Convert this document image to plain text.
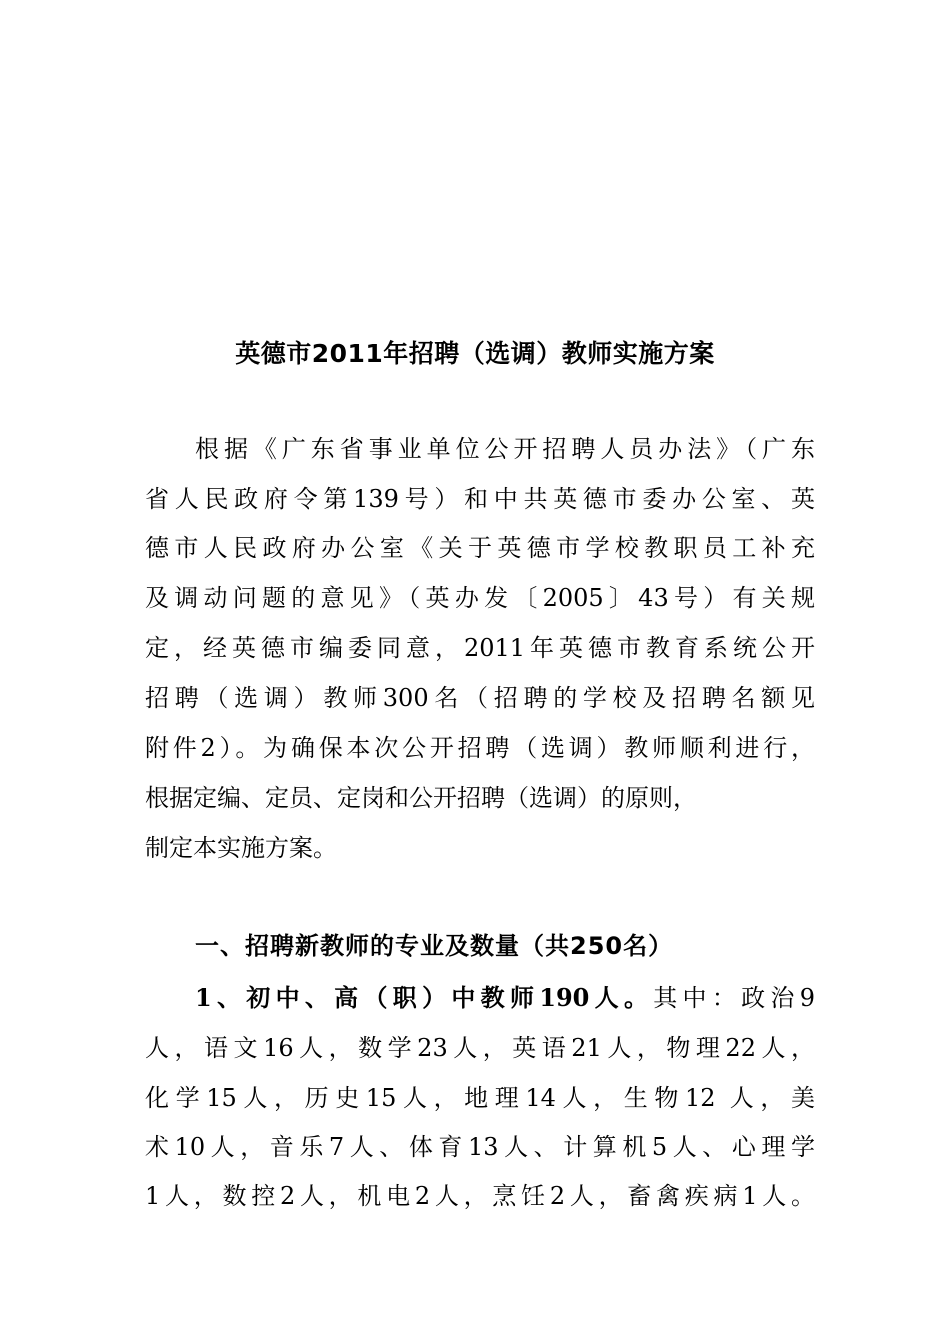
英德市2011年招聘（选调）教师实施方案
根据《广东省事业单位公开招聘人员办法》（广东
省人民政府令第139号）和中共英德市委办公室、英
德市人民政府办公室《关于英德市学校教职员工补充
及调动问题的意见》（英办发〔2005〕43号）有关规
定，经英德市编委同意，2011年英德市教育系统公开
招聘（选调）教师300名（招聘的学校及招聘名额见
附件2）。为确保本次公开招聘（选调）教师顺利进行，
根据定编、定员、定岗和公开招聘（选调）的原则，
制定本实施方案。
一、招聘新教师的专业及数量（共250名）
1、初中、高（职）中教师190人。其中：政治9
人，语文16人，数学23人，英语21人，物理22人，
化学15人，历史15人，地理14人，生物12 人，美
术10人，音乐7人、体育13人、计算机5人、心理学
1人，数控2人，机电2人，烹饪2人，畜禽疾病1人。
